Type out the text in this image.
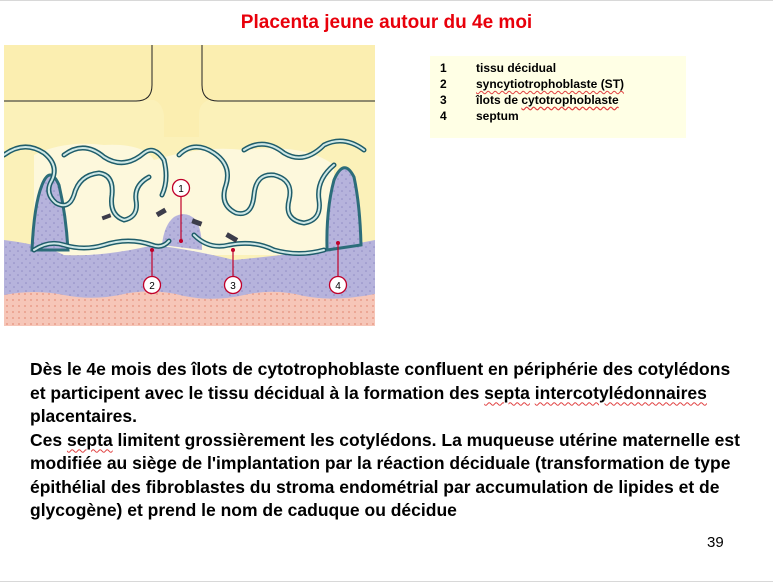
Placenta jeune autour du 4e moi
1
2	3	4
1	tissu décidual
2	syncytiotrophoblaste (ST)
3	îlots de cytotrophoblaste
4	septum

Dès le 4e mois des îlots de cytotrophoblaste confluent en périphérie des cotylédons et participent avec le tissu décidual à la formation des septa intercotylédonnaires placentaires.

Ces septa limitent grossièrement les cotylédons. La muqueuse utérine maternelle est modifiée au siège de l'implantation par la réaction déciduale (transformation de type épithélial des fibroblastes du stroma endométrial par accumulation de lipides et de glycogène) et prend le nom de caduque ou décidue

39
